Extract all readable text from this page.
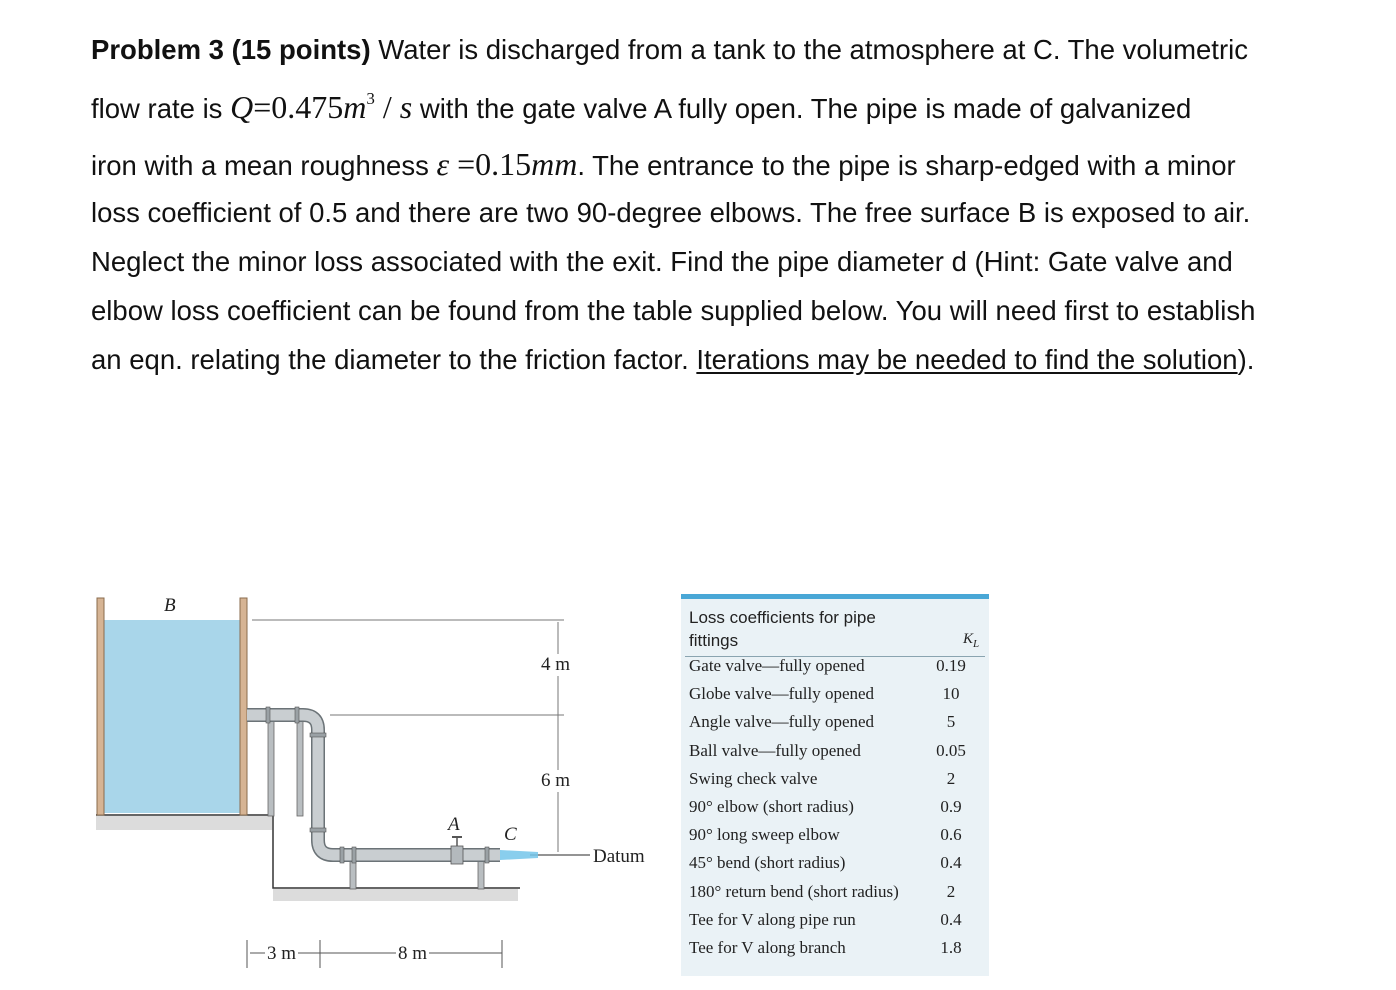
Problem 3 (15 points) Water is discharged from a tank to the atmosphere at C. The volumetric
flow rate is $Q=0.475m^3 / s$ with the gate valve A fully open. The pipe is made of galvanized
iron with a mean roughness ε =0.15mm. The entrance to the pipe is sharp-edged with a minor
loss coefficient of 0.5 and there are two 90-degree elbows. The free surface B is exposed to air.
Neglect the minor loss associated with the exit. Find the pipe diameter d (Hint: Gate valve and
elbow loss coefficient can be found from the table supplied below. You will need first to establish
an eqn. relating the diameter to the friction factor. Iterations may be needed to find the solution).
B
A C
4 m
6 m
Datum
3 m	8 m
Loss coefficients for pipe fittings	$K_L$
Gate valve—fully opened	0.19
Globe valve—fully opened	10
Angle valve—fully opened	5
Ball valve—fully opened	0.05
Swing check valve	2
90° elbow (short radius)	0.9
90° long sweep elbow	0.6
45° bend (short radius)	0.4
180° return bend (short radius)	2
Tee for V along pipe run	0.4
Tee for V along branch	1.8
